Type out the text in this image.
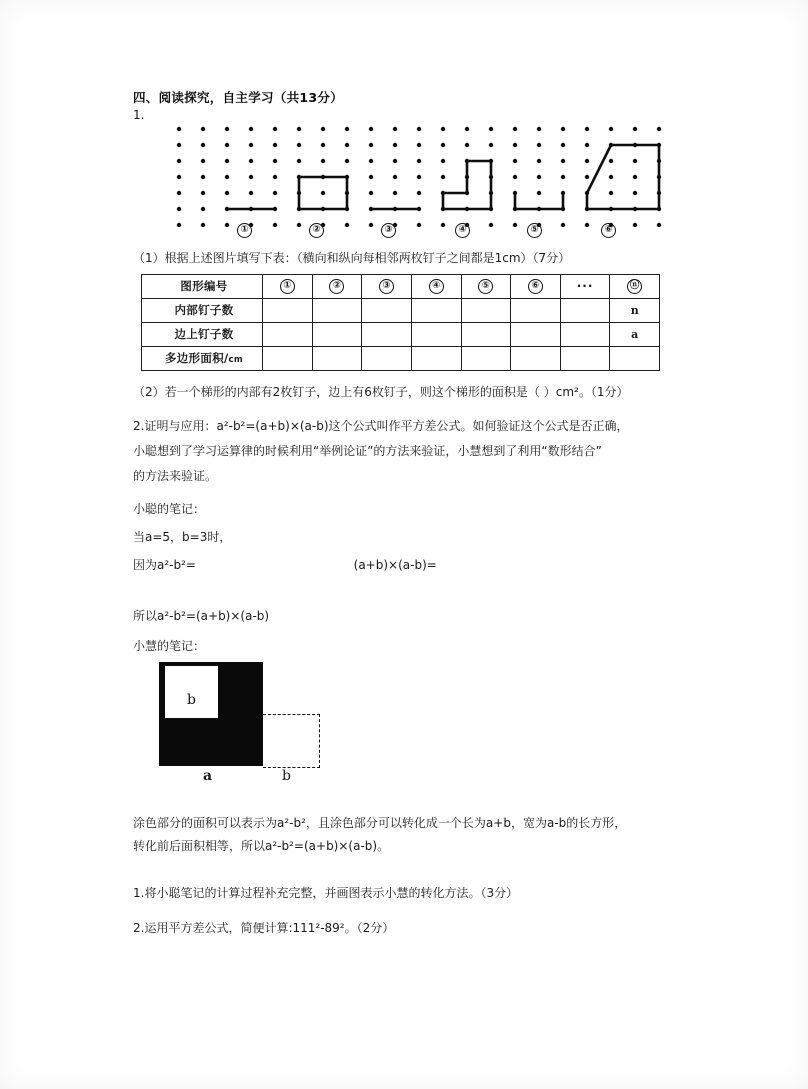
四、阅读探究，自主学习（共13分）
1.
①	②	③	④	⑤	⑥
（1）根据上述图片填写下表：（横向和纵向每相邻两枚钉子之间都是1cm）（7分）
图形编号	①	②	③	④	⑤	⑥	···	ⓝ
内部钉子数								n
边上钉子数								a
多边形面积/cm								
（2）若一个梯形的内部有2枚钉子，边上有6枚钉子，则这个梯形的面积是（ ）cm²。（1分）
2.证明与应用：a²-b²=(a+b)×(a-b)这个公式叫作平方差公式。如何验证这个公式是否正确，
小聪想到了学习运算律的时候利用“举例论证”的方法来验证，小慧想到了利用“数形结合”
的方法来验证。
小聪的笔记：
当a=5，b=3时，
因为a²-b²=	(a+b)×(a-b)=
所以a²-b²=(a+b)×(a-b)
小慧的笔记：
b
a	b
涂色部分的面积可以表示为a²-b²，且涂色部分可以转化成一个长为a+b，宽为a-b的长方形，
转化前后面积相等，所以a²-b²=(a+b)×(a-b)。
1.将小聪笔记的计算过程补充完整，并画图表示小慧的转化方法。（3分）
2.运用平方差公式，简便计算:111²-89²。（2分）
